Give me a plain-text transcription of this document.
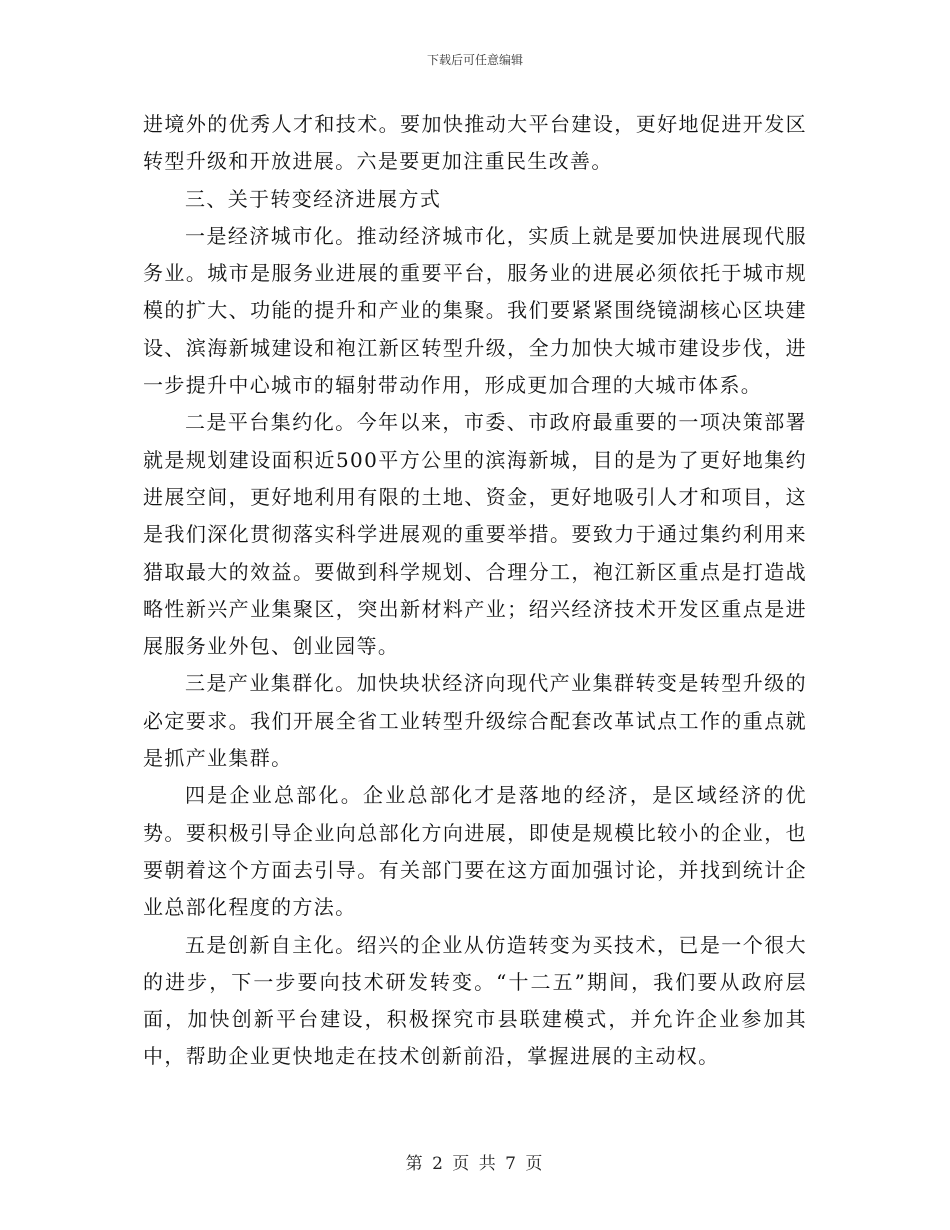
下载后可任意编辑

进境外的优秀人才和技术。要加快推动大平台建设，更好地促进开发区转型升级和开放进展。六是要更加注重民生改善。

三、关于转变经济进展方式

一是经济城市化。推动经济城市化，实质上就是要加快进展现代服务业。城市是服务业进展的重要平台，服务业的进展必须依托于城市规模的扩大、功能的提升和产业的集聚。我们要紧紧围绕镜湖核心区块建设、滨海新城建设和袍江新区转型升级，全力加快大城市建设步伐，进一步提升中心城市的辐射带动作用，形成更加合理的大城市体系。

二是平台集约化。今年以来，市委、市政府最重要的一项决策部署就是规划建设面积近500平方公里的滨海新城，目的是为了更好地集约进展空间，更好地利用有限的土地、资金，更好地吸引人才和项目，这是我们深化贯彻落实科学进展观的重要举措。要致力于通过集约利用来猎取最大的效益。要做到科学规划、合理分工，袍江新区重点是打造战略性新兴产业集聚区，突出新材料产业；绍兴经济技术开发区重点是进展服务业外包、创业园等。

三是产业集群化。加快块状经济向现代产业集群转变是转型升级的必定要求。我们开展全省工业转型升级综合配套改革试点工作的重点就是抓产业集群。

四是企业总部化。企业总部化才是落地的经济，是区域经济的优势。要积极引导企业向总部化方向进展，即使是规模比较小的企业，也要朝着这个方面去引导。有关部门要在这方面加强讨论，并找到统计企业总部化程度的方法。

五是创新自主化。绍兴的企业从仿造转变为买技术，已是一个很大的进步，下一步要向技术研发转变。“十二五”期间，我们要从政府层面，加快创新平台建设，积极探究市县联建模式，并允许企业参加其中，帮助企业更快地走在技术创新前沿，掌握进展的主动权。

第 2 页 共 7 页
